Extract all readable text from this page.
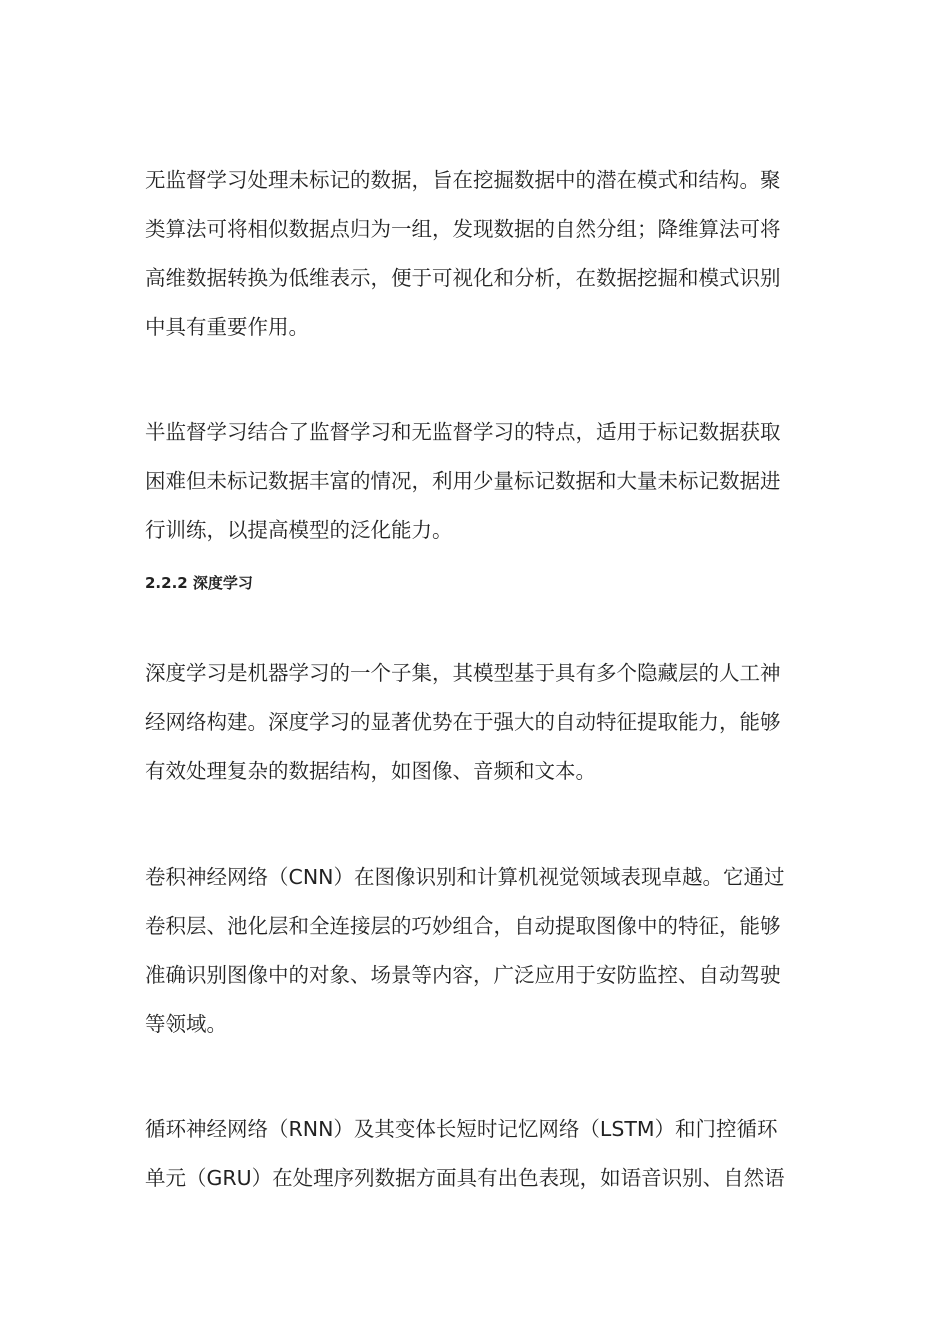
无监督学习处理未标记的数据，旨在挖掘数据中的潜在模式和结构。聚
类算法可将相似数据点归为一组，发现数据的自然分组；降维算法可将
高维数据转换为低维表示，便于可视化和分析，在数据挖掘和模式识别
中具有重要作用。
半监督学习结合了监督学习和无监督学习的特点，适用于标记数据获取
困难但未标记数据丰富的情况，利用少量标记数据和大量未标记数据进
行训练，以提高模型的泛化能力。
2.2.2 深度学习
深度学习是机器学习的一个子集，其模型基于具有多个隐藏层的人工神
经网络构建。深度学习的显著优势在于强大的自动特征提取能力，能够
有效处理复杂的数据结构，如图像、音频和文本。
卷积神经网络（CNN）在图像识别和计算机视觉领域表现卓越。它通过
卷积层、池化层和全连接层的巧妙组合，自动提取图像中的特征，能够
准确识别图像中的对象、场景等内容，广泛应用于安防监控、自动驾驶
等领域。
循环神经网络（RNN）及其变体长短时记忆网络（LSTM）和门控循环
单元（GRU）在处理序列数据方面具有出色表现，如语音识别、自然语
